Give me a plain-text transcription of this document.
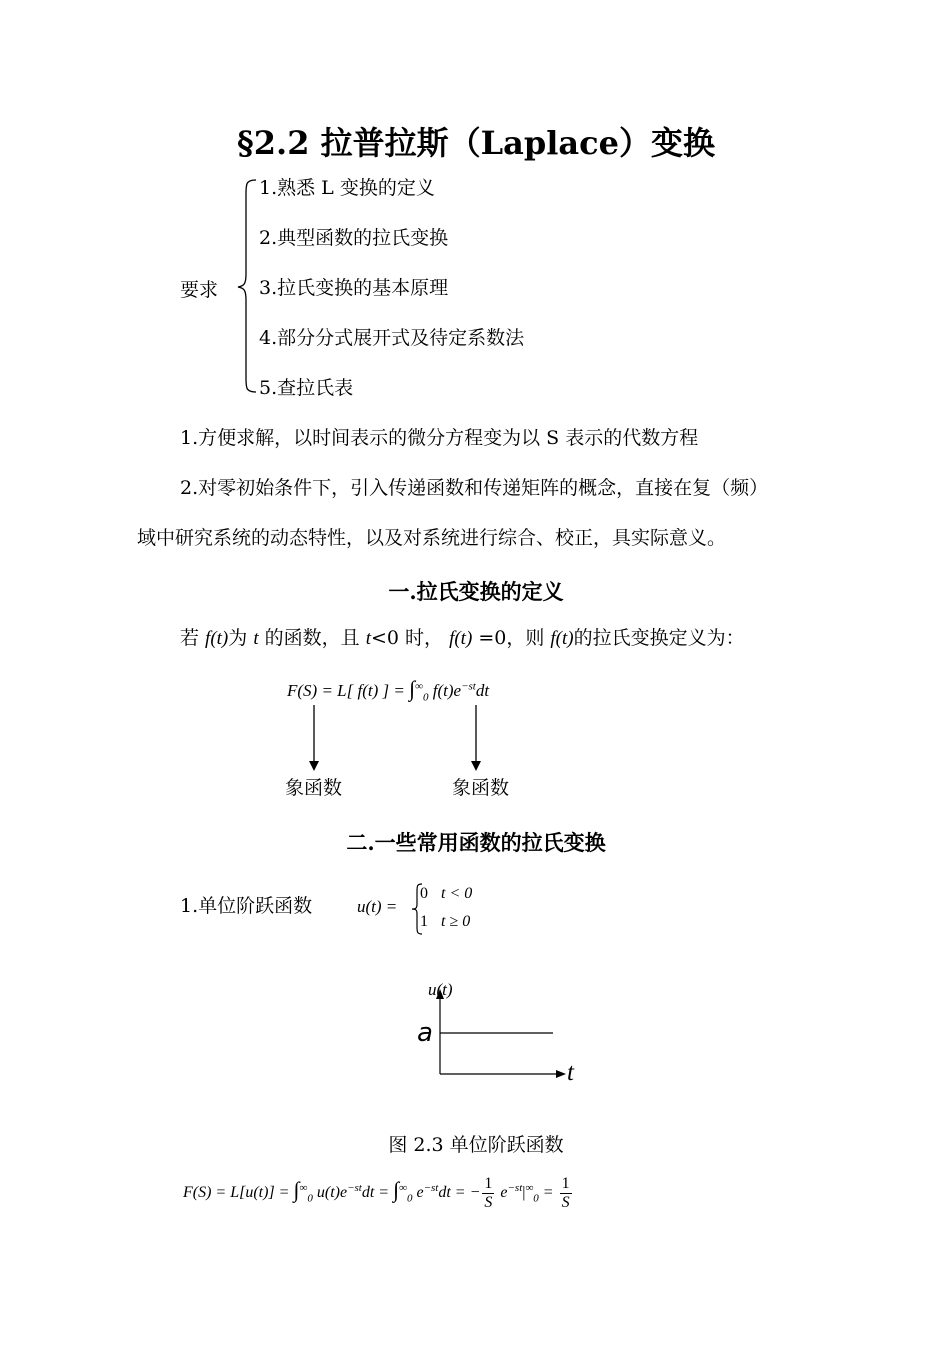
§2.2 拉普拉斯（Laplace）变换
要求
1.熟悉 L 变换的定义
2.典型函数的拉氏变换
3.拉氏变换的基本原理
4.部分分式展开式及待定系数法
5.查拉氏表
1.方便求解，以时间表示的微分方程变为以 S 表示的代数方程
2.对零初始条件下，引入传递函数和传递矩阵的概念，直接在复（频）
域中研究系统的动态特性，以及对系统进行综合、校正，具实际意义。
一.拉氏变换的定义
若 f(t)为 t 的函数，且 t<0 时， f(t) =0，则 f(t)的拉氏变换定义为：
F(S) = L[ f(t) ] = $\int^\infty_0$ $f(t)e^{-st}dt$
象函数	象函数
二.一些常用函数的拉氏变换
1.单位阶跃函数	u(t) =
0 t < 0
1 t ≥ 0
u(t)
a
t
图 2.3 单位阶跃函数
$F(S) = L[u(t)] = \int^\infty_0$ $u(t)e^{-st}dt = \int^\infty_0$ $e^{-st}dt$ = − $\frac{1}{S} e^{-st}|^\infty_0 = \frac{1}{S}$
